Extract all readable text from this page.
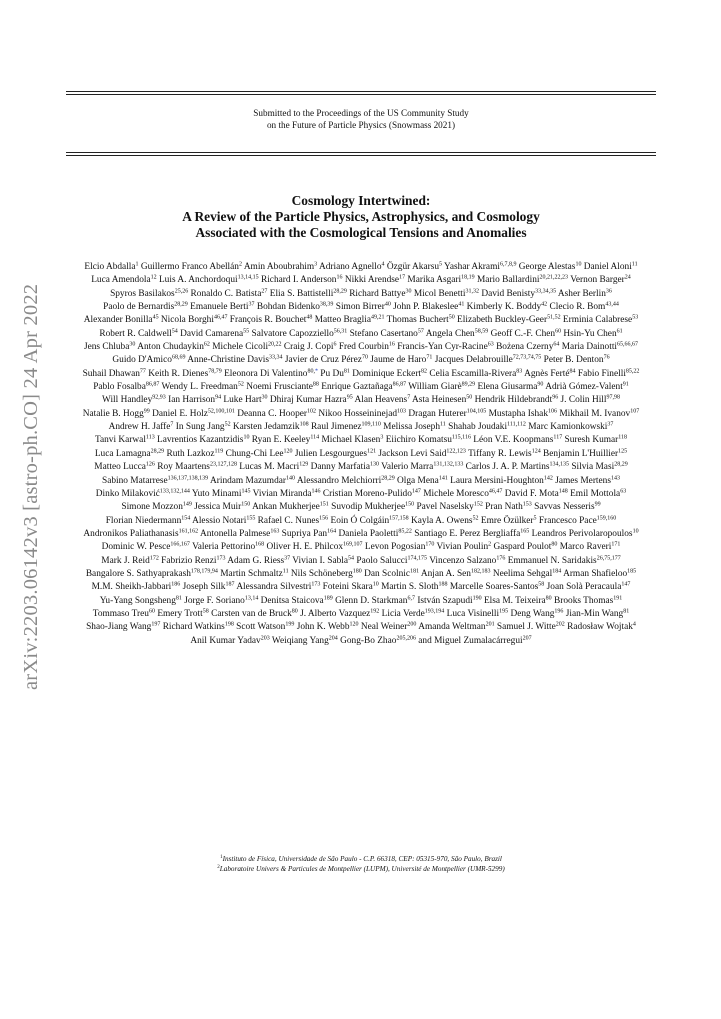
arXiv:2203.06142v3 [astro-ph.CO] 24 Apr 2022
Submitted to the Proceedings of the US Community Study
on the Future of Particle Physics (Snowmass 2021)
Cosmology Intertwined:
A Review of the Particle Physics, Astrophysics, and Cosmology
Associated with the Cosmological Tensions and Anomalies
Elcio Abdalla$^1$ Guillermo Franco Abellán$^2$ Amin Aboubrahim$^3$ Adriano Agnello$^4$ Özgür Akarsu$^5$ Yashar Akrami$^{6,7,8,9}$ George Alestas$^{10}$ Daniel Aloni$^{11}$ Luca Amendola$^{12}$ Luis A. Anchordoqui$^{13,14,15}$ Richard I. Anderson$^{16}$ Nikki Arendse$^{17}$ Marika Asgari$^{18,19}$ Mario Ballardini$^{20,21,22,23}$ Vernon Barger$^{24}$ Spyros Basilakos$^{25,26}$ Ronaldo C. Batista$^{27}$ Elia S. Battistelli$^{28,29}$ Richard Battye$^{30}$ Micol Benetti$^{31,32}$ David Benisty$^{33,34,35}$ Asher Berlin$^{36}$ Paolo de Bernardis$^{28,29}$ Emanuele Berti$^{37}$ Bohdan Bidenko$^{38,39}$ Simon Birrer$^{40}$ John P. Blakeslee$^{41}$ Kimberly K. Boddy$^{42}$ Clecio R. Bom$^{43,44}$ Alexander Bonilla$^{45}$ Nicola Borghi$^{46,47}$ François R. Bouchet$^{48}$ Matteo Braglia$^{49,21}$ Thomas Buchert$^{50}$ Elizabeth Buckley-Geer$^{51,52}$ Erminia Calabrese$^{53}$ Robert R. Caldwell$^{54}$ David Camarena$^{55}$ Salvatore Capozziello$^{56,31}$ Stefano Casertano$^{57}$ Angela Chen$^{58,59}$ Geoff C.-F. Chen$^{60}$ Hsin-Yu Chen$^{61}$ Jens Chluba$^{30}$ Anton Chudaykin$^{62}$ Michele Cicoli$^{20,22}$ Craig J. Copi$^6$ Fred Courbin$^{16}$ Francis-Yan Cyr-Racine$^{63}$ Bożena Czerny$^{64}$ Maria Dainotti$^{65,66,67}$ Guido D'Amico$^{68,69}$ Anne-Christine Davis$^{33,34}$ Javier de Cruz Pérez$^{70}$ Jaume de Haro$^{71}$ Jacques Delabrouille$^{72,73,74,75}$ Peter B. Denton$^{76}$ Suhail Dhawan$^{77}$ Keith R. Dienes$^{78,79}$ Eleonora Di Valentino$^{80,*}$ Pu Du$^{81}$ Dominique Eckert$^{82}$ Celia Escamilla-Rivera$^{83}$ Agnès Ferté$^{84}$ Fabio Finelli$^{85,22}$ Pablo Fosalba$^{86,87}$ Wendy L. Freedman$^{52}$ Noemi Frusciante$^{88}$ Enrique Gaztañaga$^{86,87}$ William Giarè$^{89,29}$ Elena Giusarma$^{90}$ Adrià Gómez-Valent$^{91}$ Will Handley$^{92,93}$ Ian Harrison$^{94}$ Luke Hart$^{30}$ Dhiraj Kumar Hazra$^{95}$ Alan Heavens$^7$ Asta Heinesen$^{50}$ Hendrik Hildebrandt$^{96}$ J. Colin Hill$^{97,98}$ Natalie B. Hogg$^{99}$ Daniel E. Holz$^{52,100,101}$ Deanna C. Hooper$^{102}$ Nikoo Hosseininejad$^{103}$ Dragan Huterer$^{104,105}$ Mustapha Ishak$^{106}$ Mikhail M. Ivanov$^{107}$ Andrew H. Jaffe$^7$ In Sung Jang$^{52}$ Karsten Jedamzik$^{108}$ Raul Jimenez$^{109,110}$ Melissa Joseph$^{11}$ Shahab Joudaki$^{111,112}$ Marc Kamionkowski$^{37}$ Tanvi Karwal$^{113}$ Lavrentios Kazantzidis$^{10}$ Ryan E. Keeley$^{114}$ Michael Klasen$^3$ Eiichiro Komatsu$^{115,116}$ Léon V.E. Koopmans$^{117}$ Suresh Kumar$^{118}$ Luca Lamagna$^{28,29}$ Ruth Lazkoz$^{119}$ Chung-Chi Lee$^{120}$ Julien Lesgourgues$^{121}$ Jackson Levi Said$^{122,123}$ Tiffany R. Lewis$^{124}$ Benjamin L'Huillier$^{125}$ Matteo Lucca$^{126}$ Roy Maartens$^{23,127,128}$ Lucas M. Macri$^{129}$ Danny Marfatia$^{130}$ Valerio Marra$^{131,132,133}$ Carlos J. A. P. Martins$^{134,135}$ Silvia Masi$^{28,29}$ Sabino Matarrese$^{136,137,138,139}$ Arindam Mazumdar$^{140}$ Alessandro Melchiorri$^{28,29}$ Olga Mena$^{141}$ Laura Mersini-Houghton$^{142}$ James Mertens$^{143}$ Dinko Milaković$^{133,132,144}$ Yuto Minami$^{145}$ Vivian Miranda$^{146}$ Cristian Moreno-Pulido$^{147}$ Michele Moresco$^{46,47}$ David F. Mota$^{148}$ Emil Mottola$^{63}$ Simone Mozzon$^{149}$ Jessica Muir$^{150}$ Ankan Mukherjee$^{151}$ Suvodip Mukherjee$^{150}$ Pavel Naselsky$^{152}$ Pran Nath$^{153}$ Savvas Nesseris$^{99}$ Florian Niedermann$^{154}$ Alessio Notari$^{155}$ Rafael C. Nunes$^{156}$ Eoin Ó Colgáin$^{157,158}$ Kayla A. Owens$^{52}$ Emre Özülker$^5$ Francesco Pace$^{159,160}$ Andronikos Paliathanasis$^{161,162}$ Antonella Palmese$^{163}$ Supriya Pan$^{164}$ Daniela Paoletti$^{85,22}$ Santiago E. Perez Bergliaffa$^{165}$ Leandros Perivolaropoulos$^{10}$ Dominic W. Pesce$^{166,167}$ Valeria Pettorino$^{168}$ Oliver H. E. Philcox$^{169,107}$ Levon Pogosian$^{170}$ Vivian Poulin$^2$ Gaspard Poulot$^{80}$ Marco Raveri$^{171}$ Mark J. Reid$^{172}$ Fabrizio Renzi$^{173}$ Adam G. Riess$^{37}$ Vivian I. Sabla$^{54}$ Paolo Salucci$^{174,175}$ Vincenzo Salzano$^{176}$ Emmanuel N. Saridakis$^{26,75,177}$ Bangalore S. Sathyaprakash$^{178,179,94}$ Martin Schmaltz$^{11}$ Nils Schöneberg$^{180}$ Dan Scolnic$^{181}$ Anjan A. Sen$^{182,183}$ Neelima Sehgal$^{184}$ Arman Shafieloo$^{185}$ M.M. Sheikh-Jabbari$^{186}$ Joseph Silk$^{187}$ Alessandra Silvestri$^{173}$ Foteini Skara$^{10}$ Martin S. Sloth$^{188}$ Marcelle Soares-Santos$^{58}$ Joan Solà Peracaula$^{147}$ Yu-Yang Songsheng$^{81}$ Jorge F. Soriano$^{13,14}$ Denitsa Staicova$^{189}$ Glenn D. Starkman$^{6,7}$ István Szapudi$^{190}$ Elsa M. Teixeira$^{80}$ Brooks Thomas$^{191}$ Tommaso Treu$^{60}$ Emery Trott$^{58}$ Carsten van de Bruck$^{80}$ J. Alberto Vazquez$^{192}$ Licia Verde$^{193,194}$ Luca Visinelli$^{195}$ Deng Wang$^{196}$ Jian-Min Wang$^{81}$ Shao-Jiang Wang$^{197}$ Richard Watkins$^{198}$ Scott Watson$^{199}$ John K. Webb$^{120}$ Neal Weiner$^{200}$ Amanda Weltman$^{201}$ Samuel J. Witte$^{202}$ Radosław Wojtak$^4$ Anil Kumar Yadav$^{203}$ Weiqiang Yang$^{204}$ Gong-Bo Zhao$^{205,206}$ and Miguel Zumalacárregui$^{207}$
$^1$Instituto de Física, Universidade de São Paulo - C.P. 66318, CEP: 05315-970, São Paulo, Brazil
$^2$Laboratoire Univers & Particules de Montpellier (LUPM), Université de Montpellier (UMR-5299)
